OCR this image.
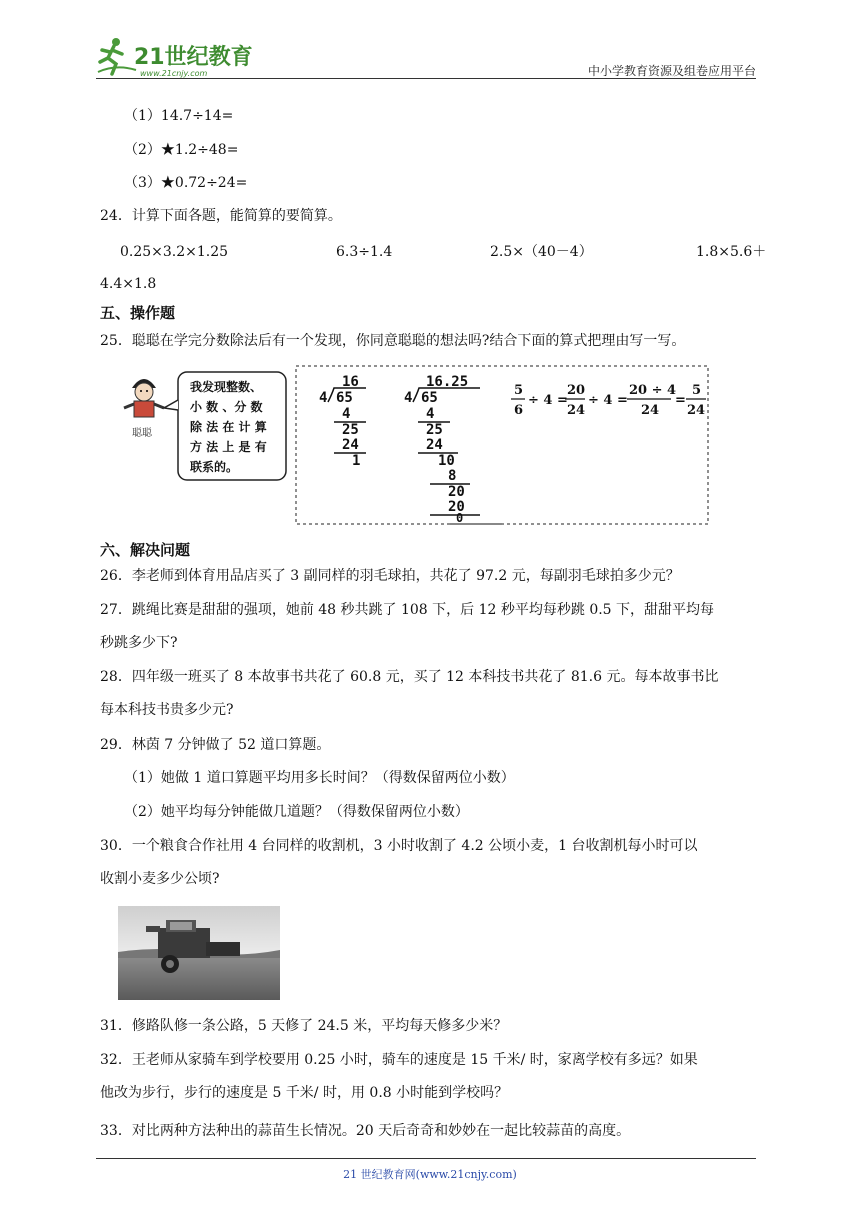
21世纪教育
www.21cnjy.com	中小学教育资源及组卷应用平台
（1）14.7÷14=
（2）★1.2÷48=
（3）★0.72÷24=
24．计算下面各题，能简算的要简算。
0.25×3.2×1.25	6.3÷1.4	2.5×（40－4）	1.8×5.6＋
4.4×1.8
五、操作题
25．聪聪在学完分数除法后有一个发现，你同意聪聪的想法吗?结合下面的算式把理由写一写。
聪聪
我发现整数、
小 数 、分 数
除 法 在 计 算
方 法 上 是 有
联系的。
16
4 65
4
25
24
1
16.25
4 65
4
25
24
10
8
20
20
0
5
6
÷ 4 =
20
24
÷ 4 =
20 ÷ 4
24
=
5
24
六、解决问题
26．李老师到体育用品店买了 3 副同样的羽毛球拍，共花了 97.2 元，每副羽毛球拍多少元？
27．跳绳比赛是甜甜的强项，她前 48 秒共跳了 108 下，后 12 秒平均每秒跳 0.5 下，甜甜平均每
秒跳多少下?
28．四年级一班买了 8 本故事书共花了 60.8 元，买了 12 本科技书共花了 81.6 元。每本故事书比
每本科技书贵多少元?
29．林茵 7 分钟做了 52 道口算题。
（1）她做 1 道口算题平均用多长时间？（得数保留两位小数）
（2）她平均每分钟能做几道题？（得数保留两位小数）
30．一个粮食合作社用 4 台同样的收割机，3 小时收割了 4.2 公顷小麦，1 台收割机每小时可以
收割小麦多少公顷?
31．修路队修一条公路，5 天修了 24.5 米，平均每天修多少米？
32．王老师从家骑车到学校要用 0.25 小时，骑车的速度是 15 千米/ 时，家离学校有多远？如果
他改为步行，步行的速度是 5 千米/ 时，用 0.8 小时能到学校吗？
33．对比两种方法种出的蒜苗生长情况。20 天后奇奇和妙妙在一起比较蒜苗的高度。
21 世纪教育网(www.21cnjy.com)
